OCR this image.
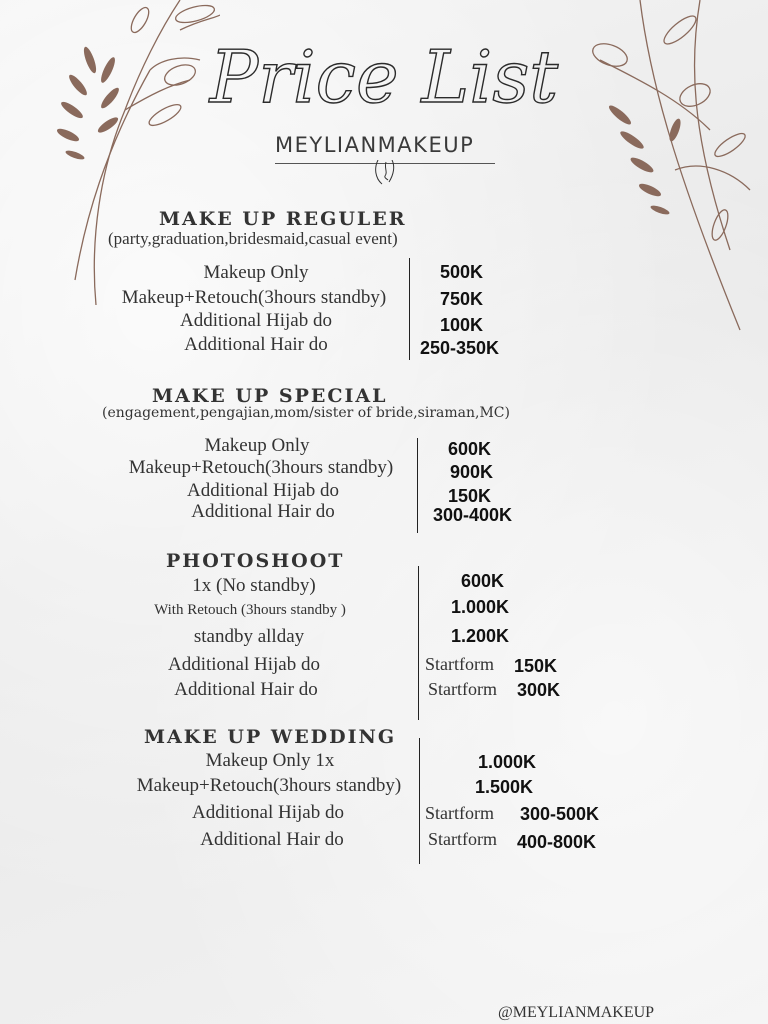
Price List
MEYLIANMAKEUP
MAKE UP REGULER
(party,graduation,bridesmaid,casual event)
Makeup Only
Makeup+Retouch(3hours standby)
Additional Hijab do
Additional Hair do
500K
750K
100K
250-350K
MAKE UP SPECIAL
(engagement,pengajian,mom/sister of bride,siraman,MC)
Makeup Only
Makeup+Retouch(3hours standby)
Additional Hijab do
Additional Hair do
600K
900K
150K
300-400K
PHOTOSHOOT
1x (No standby)
With Retouch (3hours standby )
standby allday
Additional Hijab do
Additional Hair do
600K
1.000K
1.200K
Startform 150K
Startform 300K
MAKE UP WEDDING
Makeup Only 1x
Makeup+Retouch(3hours standby)
Additional Hijab do
Additional Hair do
1.000K
1.500K
Startform 300-500K
Startform 400-800K
@MEYLIANMAKEUP
